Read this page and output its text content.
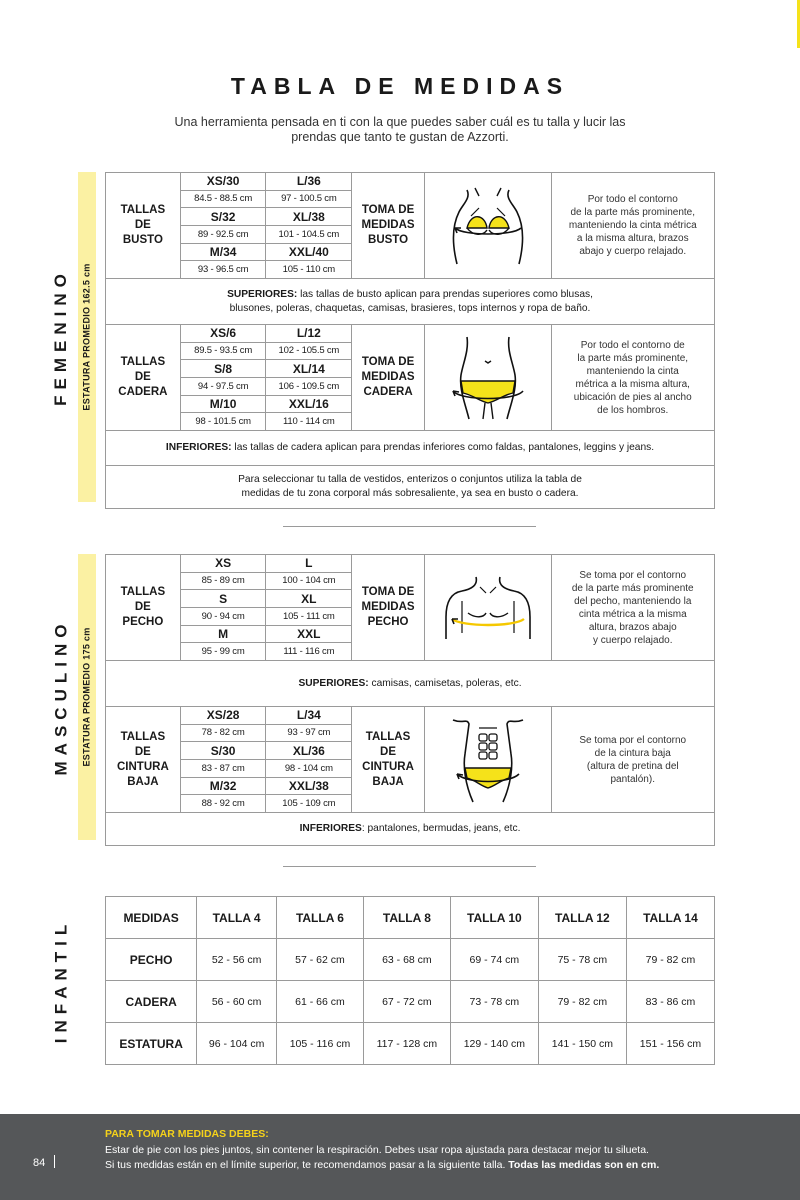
TABLA DE MEDIDAS
Una herramienta pensada en ti con la que puedes saber cuál es tu talla y lucir las
prendas que tanto te gustan de Azzorti.
FEMENINO ESTATURA PROMEDIO 162.5 cm
TALLAS
DE
BUSTO
XS/30	L/36
84.5 - 88.5 cm	97 - 100.5 cm
S/32	XL/38
89 - 92.5 cm	101 - 104.5 cm
M/34	XXL/40
93 - 96.5 cm	105 - 110 cm
TOMA DE
MEDIDAS
BUSTO
Por todo el contorno
de la parte más prominente,
manteniendo la cinta métrica
a la misma altura, brazos
abajo y cuerpo relajado.
SUPERIORES: las tallas de busto aplican para prendas superiores como blusas,
blusones, poleras, chaquetas, camisas, brasieres, tops internos y ropa de baño.
TALLAS
DE
CADERA
XS/6	L/12
89.5 - 93.5 cm	102 - 105.5 cm
S/8	XL/14
94 - 97.5 cm	106 - 109.5 cm
M/10	XXL/16
98 - 101.5 cm	110 - 114 cm
TOMA DE
MEDIDAS
CADERA
Por todo el contorno de
la parte más prominente,
manteniendo la cinta
métrica a la misma altura,
ubicación de pies al ancho
de los hombros.
INFERIORES: las tallas de cadera aplican para prendas inferiores como faldas, pantalones, leggins y jeans.
Para seleccionar tu talla de vestidos, enterizos o conjuntos utiliza la tabla de
medidas de tu zona corporal más sobresaliente, ya sea en busto o cadera.
MASCULINO ESTATURA PROMEDIO 175 cm
TALLAS
DE
PECHO
XS	L
85 - 89 cm	100 - 104 cm
S	XL
90 - 94 cm	105 - 111 cm
M	XXL
95 - 99 cm	111 - 116 cm
TOMA DE
MEDIDAS
PECHO
Se toma por el contorno
de la parte más prominente
del pecho, manteniendo la
cinta métrica a la misma
altura, brazos abajo
y cuerpo relajado.
SUPERIORES: camisas, camisetas, poleras, etc.
TALLAS
DE
CINTURA
BAJA
XS/28	L/34
78 - 82 cm	93 - 97 cm
S/30	XL/36
83 - 87 cm	98 - 104 cm
M/32	XXL/38
88 - 92 cm	105 - 109 cm
TALLAS
DE
CINTURA
BAJA
Se toma por el contorno
de la cintura baja
(altura de pretina del
pantalón).
INFERIORES: pantalones, bermudas, jeans, etc.
INFANTIL
MEDIDAS	TALLA 4	TALLA 6	TALLA 8	TALLA 10	TALLA 12	TALLA 14
PECHO	52 - 56 cm	57 - 62 cm	63 - 68 cm	69 - 74 cm	75 - 78 cm	79 - 82 cm
CADERA	56 - 60 cm	61 - 66 cm	67 - 72 cm	73 - 78 cm	79 - 82 cm	83 - 86 cm
ESTATURA	96 - 104 cm	105 - 116 cm	117 - 128 cm	129 - 140 cm	141 - 150 cm	151 - 156 cm
84
PARA TOMAR MEDIDAS DEBES:
Estar de pie con los pies juntos, sin contener la respiración. Debes usar ropa ajustada para destacar mejor tu silueta.
Si tus medidas están en el límite superior, te recomendamos pasar a la siguiente talla. Todas las medidas son en cm.
